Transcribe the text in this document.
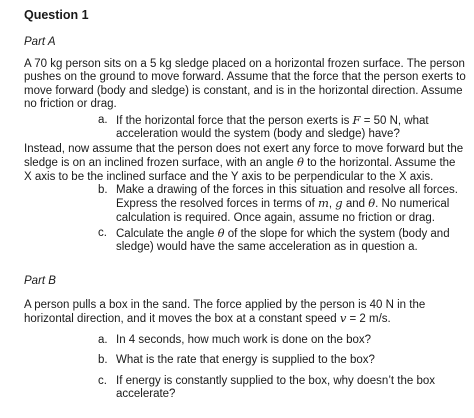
Question 1
Part A
A 70 kg person sits on a 5 kg sledge placed on a horizontal frozen surface. The person pushes on the ground to move forward. Assume that the force that the person exerts to move forward (body and sledge) is constant, and is in the horizontal direction. Assume no friction or drag.
a. If the horizontal force that the person exerts is F = 50 N, what acceleration would the system (body and sledge) have?
Instead, now assume that the person does not exert any force to move forward but the sledge is on an inclined frozen surface, with an angle θ to the horizontal. Assume the X axis to be the inclined surface and the Y axis to be perpendicular to the X axis.
b. Make a drawing of the forces in this situation and resolve all forces. Express the resolved forces in terms of m, g and θ. No numerical calculation is required. Once again, assume no friction or drag.
c. Calculate the angle θ of the slope for which the system (body and sledge) would have the same acceleration as in question a.
Part B
A person pulls a box in the sand. The force applied by the person is 40 N in the horizontal direction, and it moves the box at a constant speed v = 2 m/s.
a. In 4 seconds, how much work is done on the box?
b. What is the rate that energy is supplied to the box?
c. If energy is constantly supplied to the box, why doesn’t the box accelerate?
